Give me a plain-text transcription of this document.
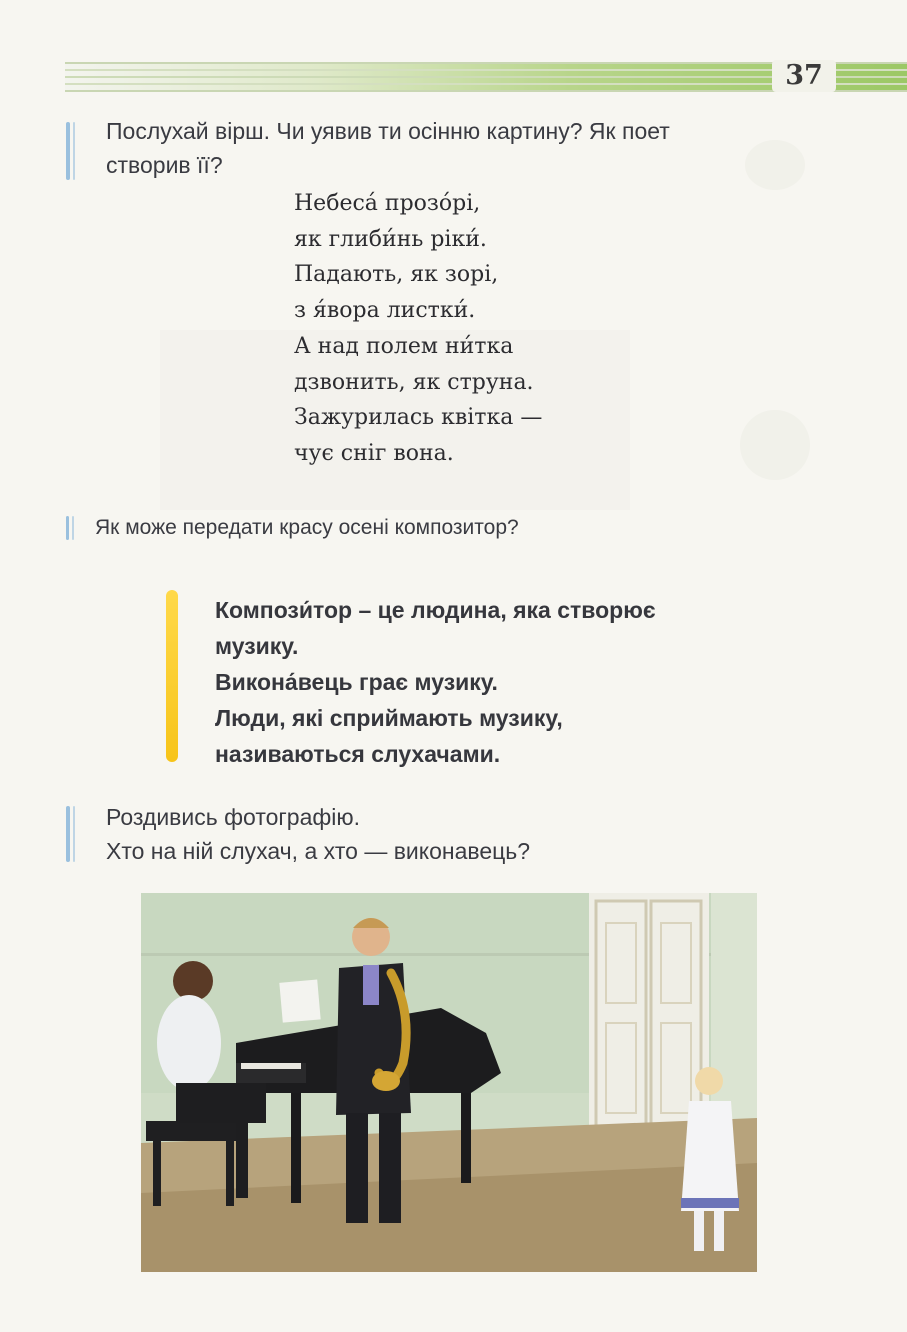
37
Послухай вірш. Чи уявив ти осінню картину? Як поет
створив її?
Небеса́ прозо́рі,
як глиби́нь ріки́.
Падають, як зорі,
з я́вора листки́.
А над полем ни́тка
дзвонить, як струна.
Зажурилась квітка —
чує сніг вона.
Як може передати красу осені композитор?
Компози́тор – це людина, яка створює
музику.
Викона́вець грає музику.
Люди, які сприймають музику,
називаються слухачами.
Роздивись фотографію.
Хто на ній слухач, а хто — виконавець?
